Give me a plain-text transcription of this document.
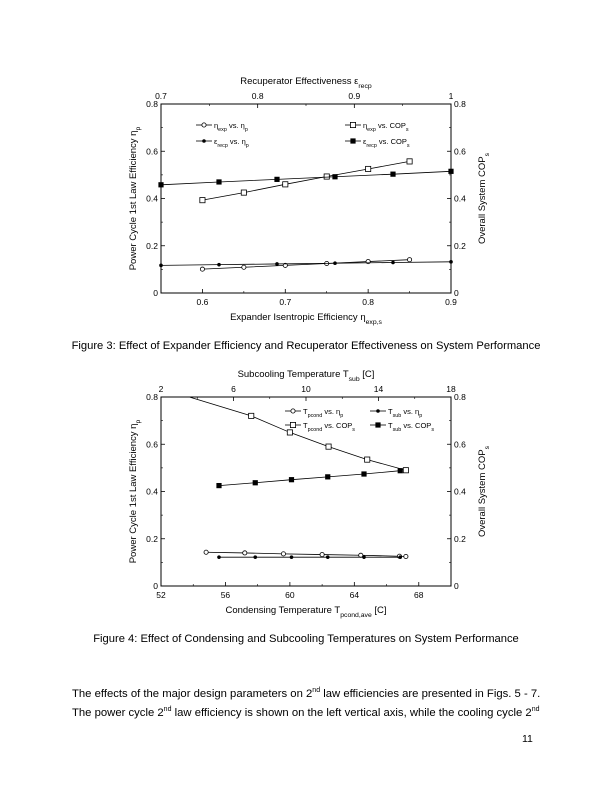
0.6	0.7	0.8	0.9
0.7	0.8	0.9	1
0	0
0.2	0.2
0.4	0.4
0.6	0.6
0.8	0.8
$\eta_{exp}$ vs. $\eta_p$
$\varepsilon_{recp}$ vs. $\eta_p$
$\eta_{exp}$ vs. $COP_s$
$\varepsilon_{recp}$ vs. $COP_s$
Expander Isentropic Efficiency $\eta_{exp,s}$
Recuperator Effectiveness $\varepsilon_{recp}$
Power Cycle 1st Law Efficiency $\eta_p$
Overall System $COP_s$
Figure 3: Effect of Expander Efficiency and Recuperator Effectiveness on System Performance
52	56	60	64	68
2	6	10	14	18
0	0
0.2	0.2
0.4	0.4
0.6	0.6
0.8	0.8
$T_{pcond}$ vs. $\eta_p$
$T_{pcond}$ vs. $COP_s$
$T_{sub}$ vs. $\eta_p$
$T_{sub}$ vs. $COP_s$
Condensing Temperature $T_{pcond,ave}$ [C]
Subcooling Temperature $T_{sub}$ [C]
Power Cycle 1st Law Efficiency $\eta_p$
Overall System $COP_s$
Figure 4: Effect of Condensing and Subcooling Temperatures on System Performance
The effects of the major design parameters on 2nd law efficiencies are presented in Figs. 5 - 7.
The power cycle 2nd law efficiency is shown on the left vertical axis, while the cooling cycle 2nd
11
